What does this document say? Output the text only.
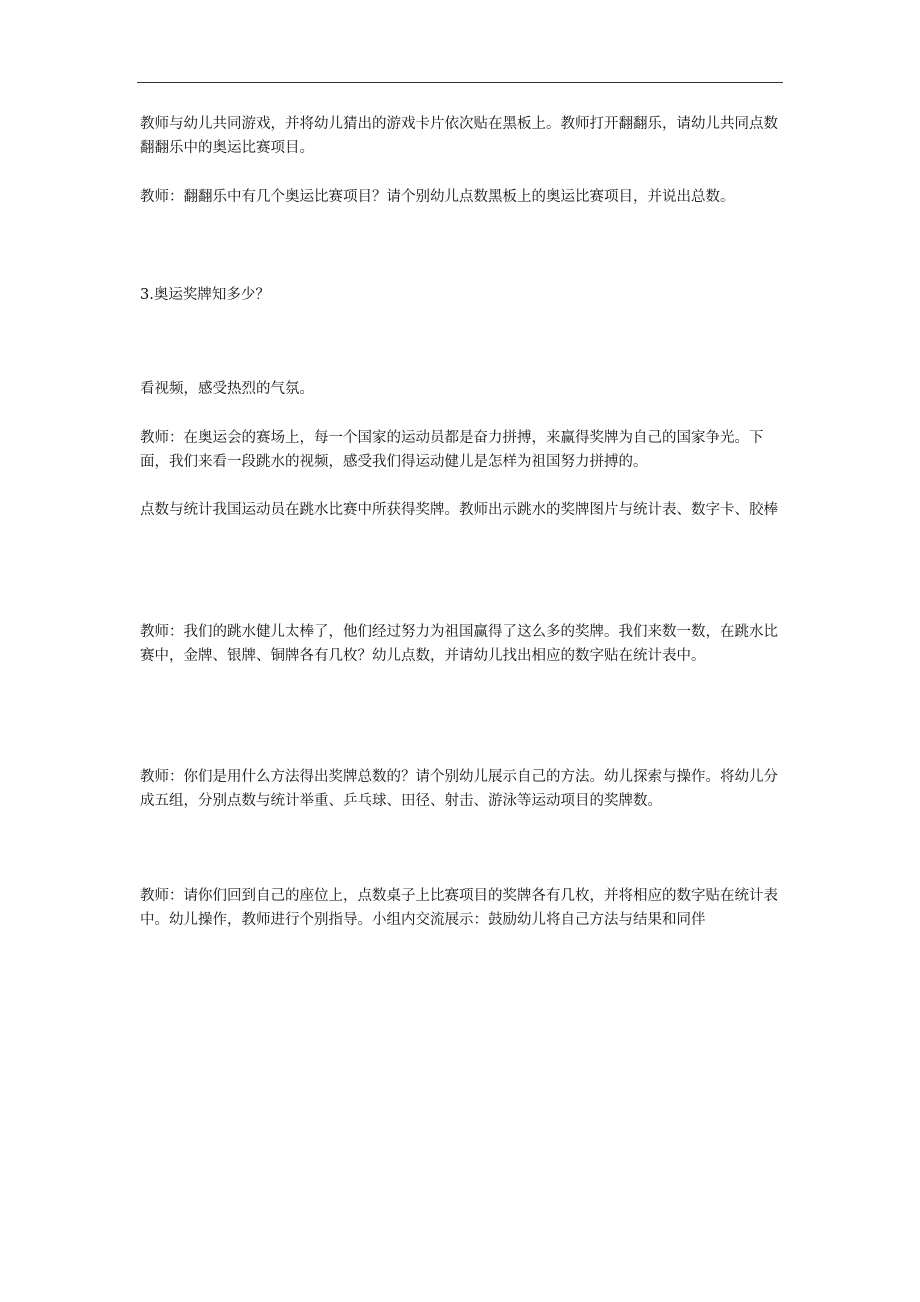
教师与幼儿共同游戏，并将幼儿猜出的游戏卡片依次贴在黑板上。教师打开翻翻乐，请幼儿共同点数翻翻乐中的奥运比赛项目。

教师：翻翻乐中有几个奥运比赛项目？请个别幼儿点数黑板上的奥运比赛项目，并说出总数。

3.奥运奖牌知多少？

看视频，感受热烈的气氛。

教师：在奥运会的赛场上，每一个国家的运动员都是奋力拼搏，来赢得奖牌为自己的国家争光。下面，我们来看一段跳水的视频，感受我们得运动健儿是怎样为祖国努力拼搏的。

点数与统计我国运动员在跳水比赛中所获得奖牌。教师出示跳水的奖牌图片与统计表、数字卡、胶棒

教师：我们的跳水健儿太棒了，他们经过努力为祖国赢得了这么多的奖牌。我们来数一数，在跳水比赛中，金牌、银牌、铜牌各有几枚？幼儿点数，并请幼儿找出相应的数字贴在统计表中。

教师：你们是用什么方法得出奖牌总数的？请个别幼儿展示自己的方法。幼儿探索与操作。将幼儿分成五组，分别点数与统计举重、乒乓球、田径、射击、游泳等运动项目的奖牌数。

教师：请你们回到自己的座位上，点数桌子上比赛项目的奖牌各有几枚，并将相应的数字贴在统计表中。幼儿操作，教师进行个别指导。小组内交流展示：鼓励幼儿将自己方法与结果和同伴
